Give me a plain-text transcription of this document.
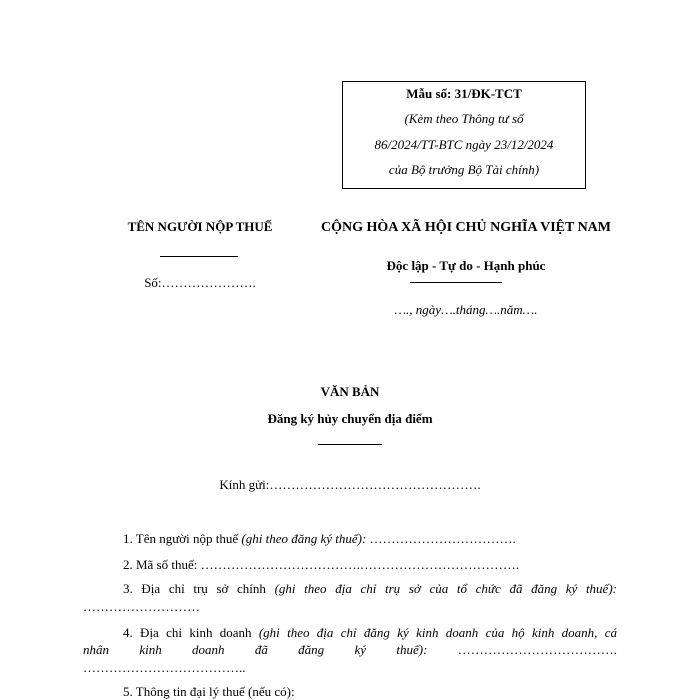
Mẫu số: 31/ĐK-TCT
(Kèm theo Thông tư số
86/2024/TT-BTC ngày 23/12/2024
của Bộ trưởng Bộ Tài chính)
TÊN NGƯỜI NỘP THUẾ
Số:………………….
CỘNG HÒA XÃ HỘI CHỦ NGHĨA VIỆT NAM
Độc lập - Tự do - Hạnh phúc
…., ngày….tháng….năm….
VĂN BẢN
Đăng ký hủy chuyển địa điểm
Kính gửi:………………………………………….
1. Tên người nộp thuế (ghi theo đăng ký thuế): …………………………….
2. Mã số thuế: ……………………………….……………………………….
3. Địa chỉ trụ sở chính (ghi theo địa chỉ trụ sở của tổ chức đã đăng ký thuế):
………………………
4. Địa chỉ kinh doanh (ghi theo địa chỉ đăng ký kinh doanh của hộ kinh doanh, cá
nhân kinh doanh đã đăng ký thuế): ……………………………….
………………………………..
5. Thông tin đại lý thuế (nếu có):
